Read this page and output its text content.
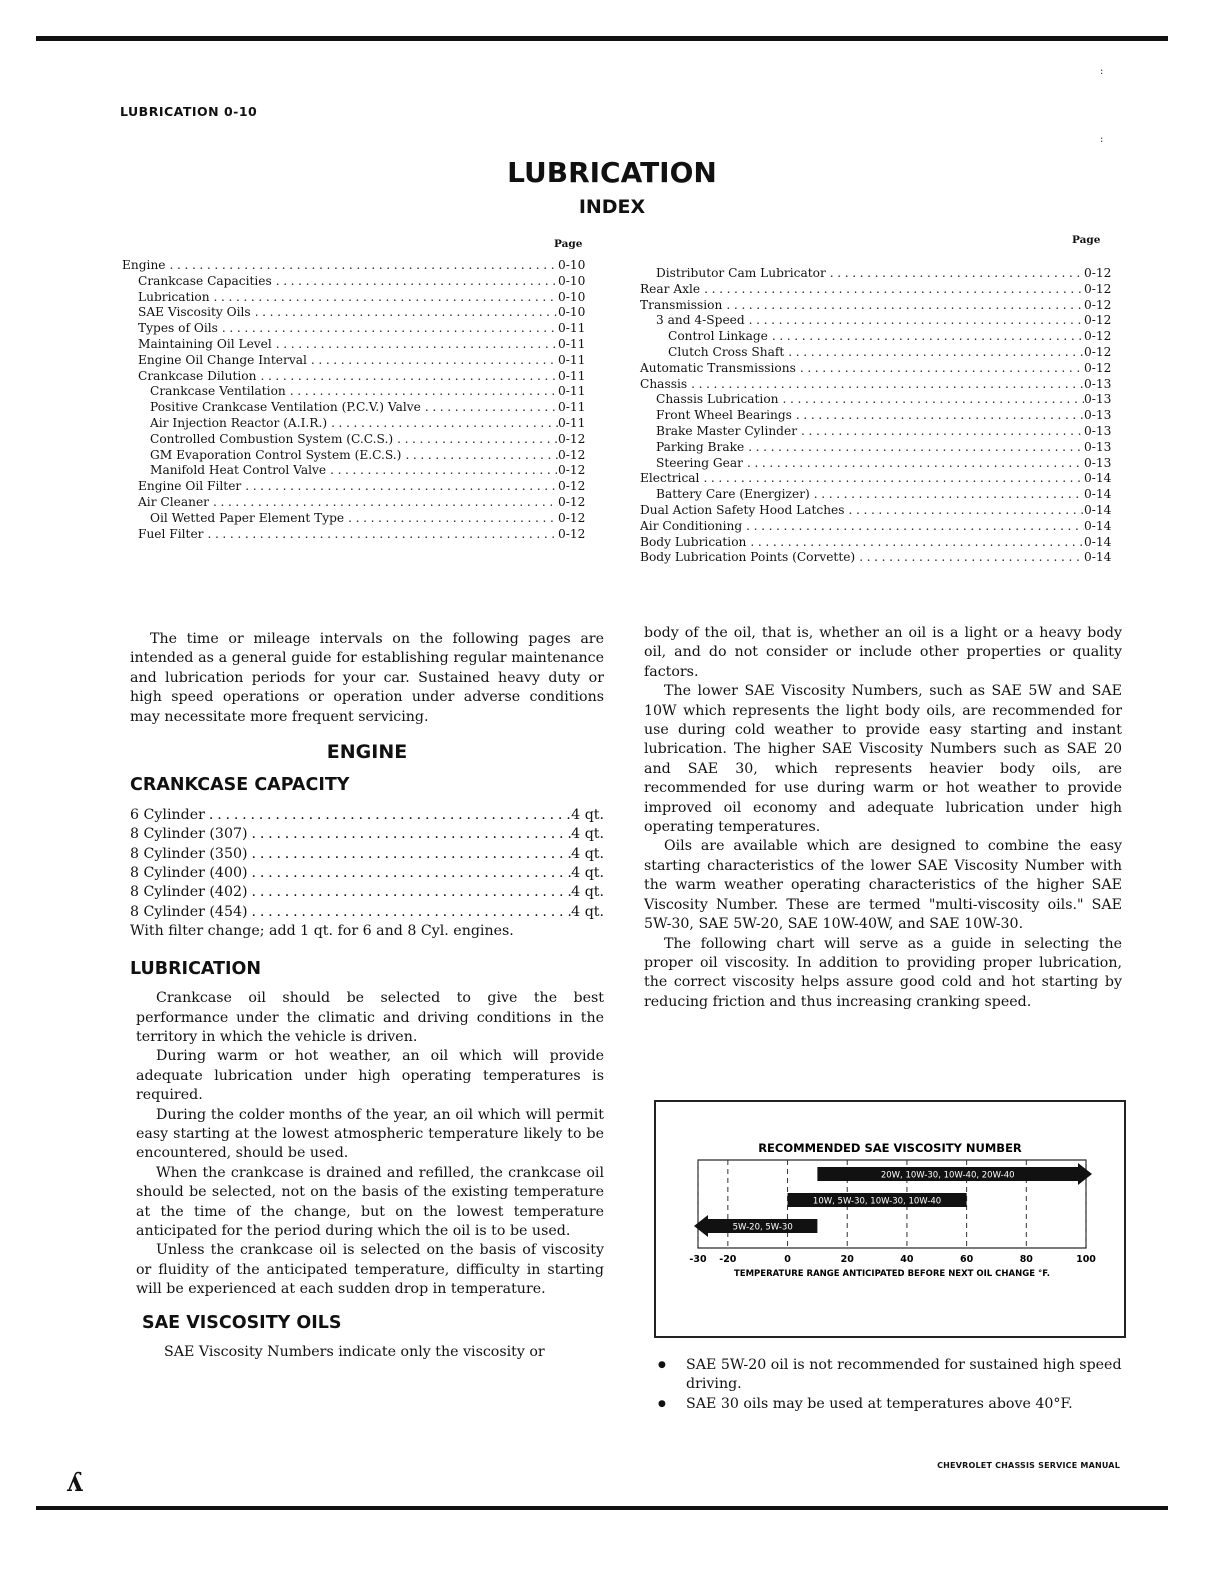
:
:
LUBRICATION 0-10
LUBRICATION
INDEX
Page	Page
Engine .....	0-10
Crankcase Capacities .....	0-10
Lubrication .....	0-10
SAE Viscosity Oils .....	0-10
Types of Oils .....	0-11
Maintaining Oil Level .....	0-11
Engine Oil Change Interval .....	0-11
Crankcase Dilution .....	0-11
Crankcase Ventilation .....	0-11
Positive Crankcase Ventilation (P.C.V.) Valve .....	0-11
Air Injection Reactor (A.I.R.) .....	0-11
Controlled Combustion System (C.C.S.) .....	0-12
GM Evaporation Control System (E.C.S.) .....	0-12
Manifold Heat Control Valve .....	0-12
Engine Oil Filter .....	0-12
Air Cleaner .....	0-12
Oil Wetted Paper Element Type .....	0-12
Fuel Filter .....	0-12
Distributor Cam Lubricator .....	0-12
Rear Axle .....	0-12
Transmission .....	0-12
3 and 4-Speed .....	0-12
Control Linkage .....	0-12
Clutch Cross Shaft .....	0-12
Automatic Transmissions .....	0-12
Chassis .....	0-13
Chassis Lubrication .....	0-13
Front Wheel Bearings .....	0-13
Brake Master Cylinder .....	0-13
Parking Brake .....	0-13
Steering Gear .....	0-13
Electrical .....	0-14
Battery Care (Energizer) .....	0-14
Dual Action Safety Hood Latches .....	0-14
Air Conditioning .....	0-14
Body Lubrication .....	0-14
Body Lubrication Points (Corvette) .....	0-14

The time or mileage intervals on the following pages are intended as a general guide for establishing regular maintenance and lubrication periods for your car. Sustained heavy duty or high speed operations or operation under adverse conditions may necessitate more frequent servicing.

ENGINE
CRANKCASE CAPACITY
6 Cylinder .....	4 qt.
8 Cylinder (307) .....	4 qt.
8 Cylinder (350) .....	4 qt.
8 Cylinder (400) .....	4 qt.
8 Cylinder (402) .....	4 qt.
8 Cylinder (454) .....	4 qt.

With filter change; add 1 qt. for 6 and 8 Cyl. engines.

LUBRICATION

Crankcase oil should be selected to give the best performance under the climatic and driving conditions in the territory in which the vehicle is driven.

During warm or hot weather, an oil which will provide adequate lubrication under high operating temperatures is required.

During the colder months of the year, an oil which will permit easy starting at the lowest atmospheric temperature likely to be encountered, should be used.

When the crankcase is drained and refilled, the crankcase oil should be selected, not on the basis of the existing temperature at the time of the change, but on the lowest temperature anticipated for the period during which the oil is to be used.

Unless the crankcase oil is selected on the basis of viscosity or fluidity of the anticipated temperature, difficulty in starting will be experienced at each sudden drop in temperature.

SAE VISCOSITY OILS

SAE Viscosity Numbers indicate only the viscosity or

body of the oil, that is, whether an oil is a light or a heavy body oil, and do not consider or include other properties or quality factors.

The lower SAE Viscosity Numbers, such as SAE 5W and SAE 10W which represents the light body oils, are recommended for use during cold weather to provide easy starting and instant lubrication. The higher SAE Viscosity Numbers such as SAE 20 and SAE 30, which represents heavier body oils, are recommended for use during warm or hot weather to provide improved oil economy and adequate lubrication under high operating temperatures.

Oils are available which are designed to combine the easy starting characteristics of the lower SAE Viscosity Number with the warm weather operating characteristics of the higher SAE Viscosity Number. These are termed "multi-viscosity oils." SAE 5W-30, SAE 5W-20, SAE 10W-40W, and SAE 10W-30.

The following chart will serve as a guide in selecting the proper oil viscosity. In addition to providing proper lubrication, the correct viscosity helps assure good cold and hot starting by reducing friction and thus increasing cranking speed.

RECOMMENDED SAE VISCOSITY NUMBER
-30 -20	0	20	40	60	80	100
20W, 10W-30, 10W-40, 20W-40
10W, 5W-30, 10W-30, 10W-40
5W-20, 5W-30
TEMPERATURE RANGE ANTICIPATED BEFORE NEXT OIL CHANGE °F.
● SAE 5W-20 oil is not recommended for sustained high speed driving.
● SAE 30 oils may be used at temperatures above 40°F.
CHEVROLET CHASSIS SERVICE MANUAL
ʎ
